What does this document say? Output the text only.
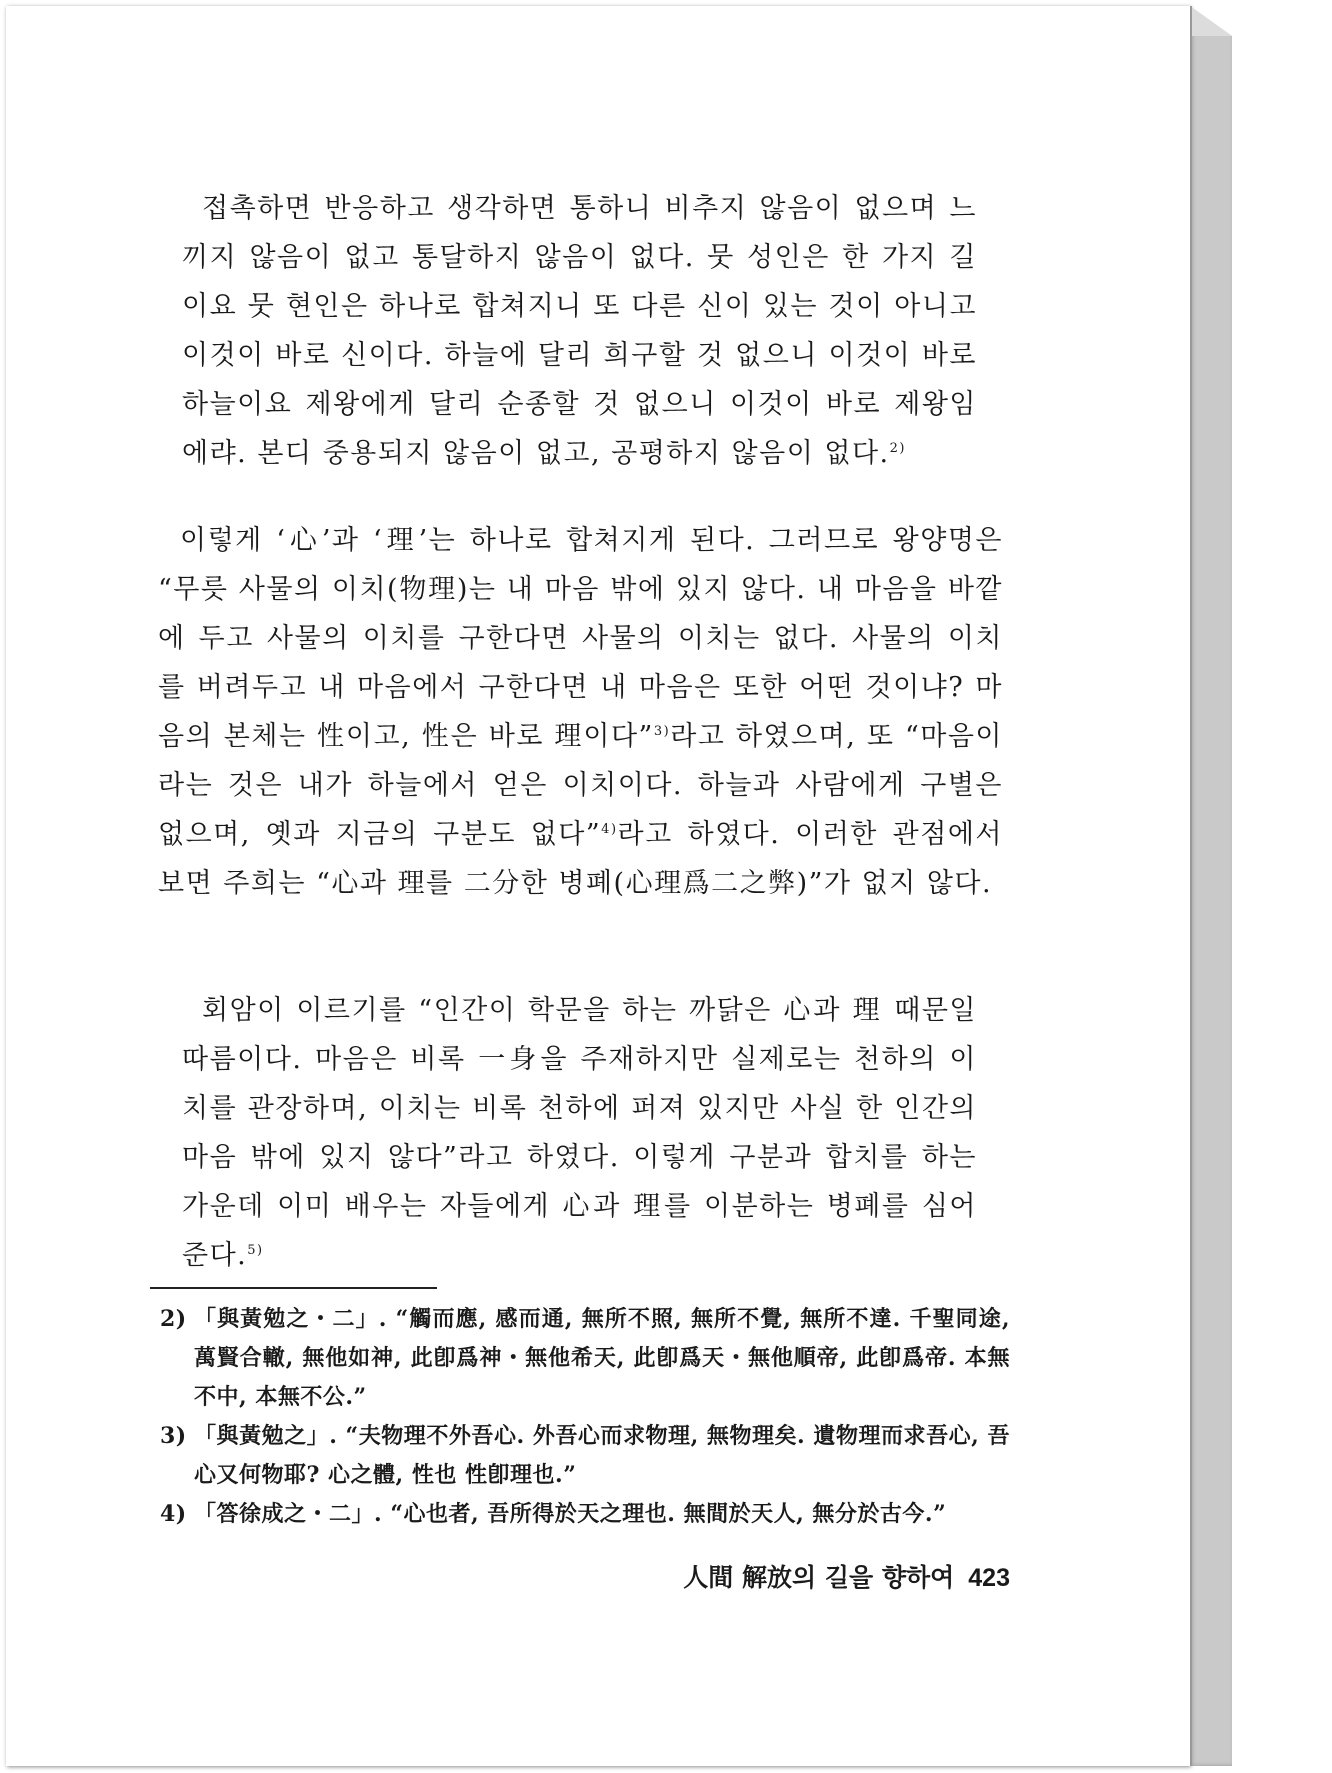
접촉하면 반응하고 생각하면 통하니 비추지 않음이 없으며 느끼지 않음이 없고 통달하지 않음이 없다. 뭇 성인은 한 가지 길이요 뭇 현인은 하나로 합쳐지니 또 다른 신이 있는 것이 아니고 이것이 바로 신이다. 하늘에 달리 희구할 것 없으니 이것이 바로 하늘이요 제왕에게 달리 순종할 것 없으니 이것이 바로 제왕임에랴. 본디 중용되지 않음이 없고, 공평하지 않음이 없다.$^{2)}$

이렇게 ‘心’과 ‘理’는 하나로 합쳐지게 된다. 그러므로 왕양명은 “무릇 사물의 이치(物理)는 내 마음 밖에 있지 않다. 내 마음을 바깥에 두고 사물의 이치를 구한다면 사물의 이치는 없다. 사물의 이치를 버려두고 내 마음에서 구한다면 내 마음은 또한 어떤 것이냐? 마음의 본체는 性이고, 性은 바로 理이다”$^{3)}$라고 하였으며, 또 “마음이라는 것은 내가 하늘에서 얻은 이치이다. 하늘과 사람에게 구별은 없으며, 옛과 지금의 구분도 없다”$^{4)}$라고 하였다. 이러한 관점에서 보면 주희는 “心과 理를 二分한 병폐(心理爲二之弊)”가 없지 않다.

회암이 이르기를 “인간이 학문을 하는 까닭은 心과 理 때문일 따름이다. 마음은 비록 一身을 주재하지만 실제로는 천하의 이치를 관장하며, 이치는 비록 천하에 퍼져 있지만 사실 한 인간의 마음 밖에 있지 않다”라고 하였다. 이렇게 구분과 합치를 하는 가운데 이미 배우는 자들에게 心과 理를 이분하는 병폐를 심어준다.$^{5)}$

2) 「與黃勉之・二」. “觸而應, 感而通, 無所不照, 無所不覺, 無所不達. 千聖同途, 萬賢合轍, 無他如神, 此卽爲神・無他希天, 此卽爲天・無他順帝, 此卽爲帝. 本無不中, 本無不公.”
3) 「與黃勉之」. “夫物理不外吾心. 外吾心而求物理, 無物理矣. 遺物理而求吾心, 吾心又何物耶? 心之體, 性也 性卽理也.”
4) 「答徐成之・二」. “心也者, 吾所得於天之理也. 無間於天人, 無分於古今.”
人間 解放의 길을 향하여 423
